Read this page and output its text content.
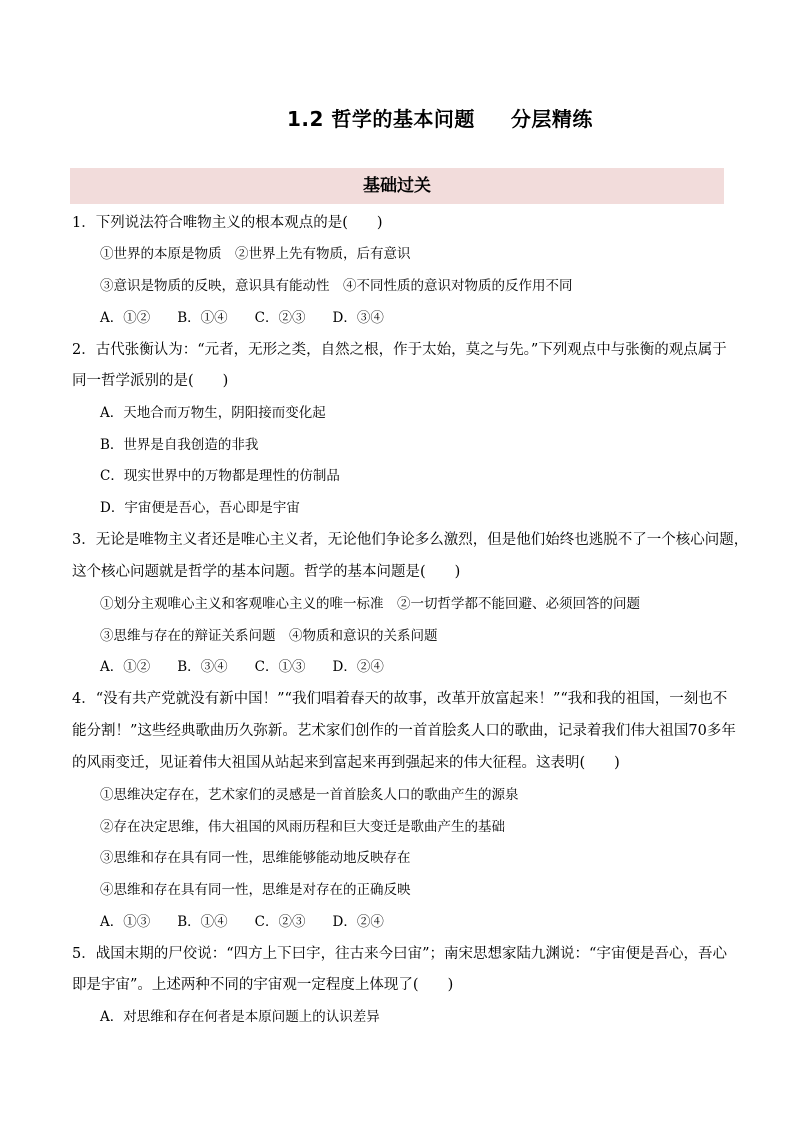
1.2 哲学的基本问题 分层精练
基础过关
1．下列说法符合唯物主义的根本观点的是(　　)
①世界的本原是物质　②世界上先有物质，后有意识
③意识是物质的反映，意识具有能动性　④不同性质的意识对物质的反作用不同
A．①②　　B．①④　　C．②③　　D．③④
2．古代张衡认为：“元者，无形之类，自然之根，作于太始，莫之与先。”下列观点中与张衡的观点属于
同一哲学派别的是(　　)
A．天地合而万物生，阴阳接而变化起
B．世界是自我创造的非我
C．现实世界中的万物都是理性的仿制品
D．宇宙便是吾心，吾心即是宇宙
3．无论是唯物主义者还是唯心主义者，无论他们争论多么激烈，但是他们始终也逃脱不了一个核心问题，
这个核心问题就是哲学的基本问题。哲学的基本问题是(　　)
①划分主观唯心主义和客观唯心主义的唯一标准　②一切哲学都不能回避、必须回答的问题
③思维与存在的辩证关系问题　④物质和意识的关系问题
A．①②　　B．③④　　C．①③　　D．②④
4．“没有共产党就没有新中国！”“我们唱着春天的故事，改革开放富起来！”“我和我的祖国，一刻也不
能分割！”这些经典歌曲历久弥新。艺术家们创作的一首首脍炙人口的歌曲，记录着我们伟大祖国70多年
的风雨变迁，见证着伟大祖国从站起来到富起来再到强起来的伟大征程。这表明(　　)
①思维决定存在，艺术家们的灵感是一首首脍炙人口的歌曲产生的源泉
②存在决定思维，伟大祖国的风雨历程和巨大变迁是歌曲产生的基础
③思维和存在具有同一性，思维能够能动地反映存在
④思维和存在具有同一性，思维是对存在的正确反映
A．①③　　B．①④　　C．②③　　D．②④
5．战国末期的尸佼说：“四方上下曰宇，往古来今曰宙”；南宋思想家陆九渊说：“宇宙便是吾心，吾心
即是宇宙”。上述两种不同的宇宙观一定程度上体现了(　　)
A．对思维和存在何者是本原问题上的认识差异
